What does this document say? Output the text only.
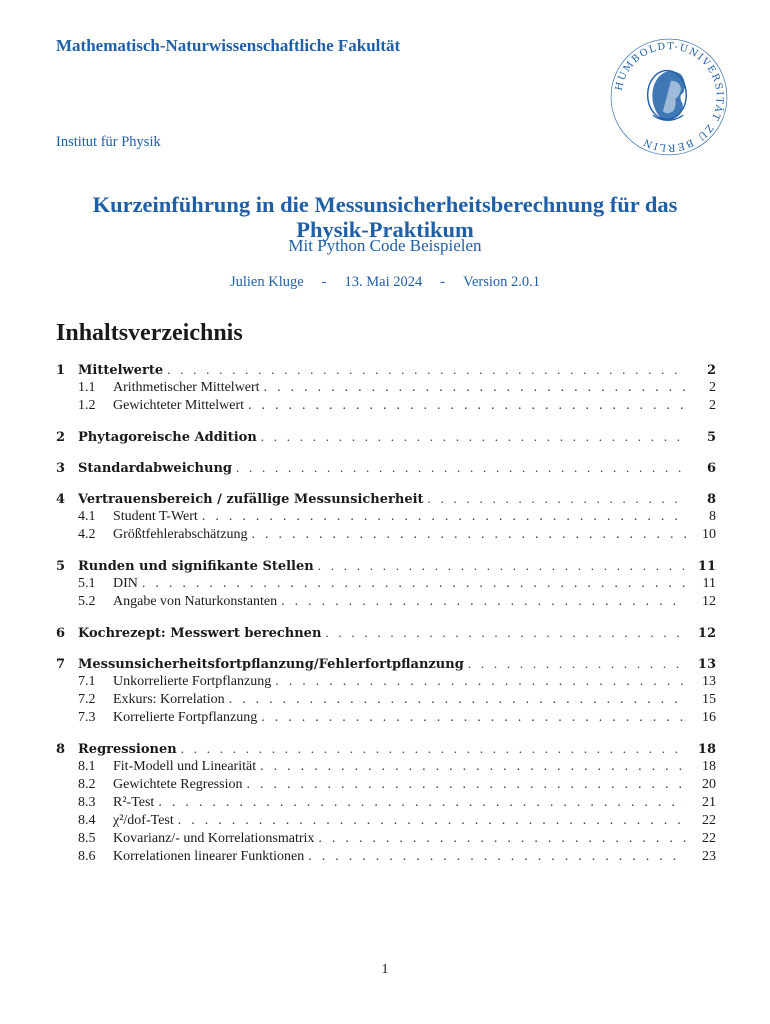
Mathematisch-Naturwissenschaftliche Fakultät
Institut für Physik
HUMBOLDT-UNIVERSITÄT ZU BERLIN
Kurzeinführung in die Messunsicherheitsberechnung für das
Physik-Praktikum
Mit Python Code Beispielen
Julien Kluge - 13. Mai 2024 - Version 2.0.1
Inhaltsverzeichnis
1 Mittelwerte . . .	2
1.1	Arithmetischer Mittelwert . . .	2
1.2	Gewichteter Mittelwert . . .	2
2 Phytagoreische Addition . . .	5
3 Standardabweichung . . .	6
4 Vertrauensbereich / zufällige Messunsicherheit . . .	8
4.1	Student T-Wert . . .	8
4.2	Größtfehlerabschätzung . . .	10
5 Runden und signifikante Stellen . . .	11
5.1	DIN . . .	11
5.2	Angabe von Naturkonstanten . . .	12
6 Kochrezept: Messwert berechnen . . .	12
7 Messunsicherheitsfortpflanzung/Fehlerfortpflanzung . . .	13
7.1	Unkorrelierte Fortpflanzung . . .	13
7.2	Exkurs: Korrelation . . .	15
7.3	Korrelierte Fortpflanzung . . .	16
8 Regressionen . . .	18
8.1	Fit-Modell und Linearität . . .	18
8.2	Gewichtete Regression . . .	20
8.3	R²-Test . . .	21
8.4	χ²/dof-Test . . .	22
8.5	Kovarianz/- und Korrelationsmatrix . . .	22
8.6	Korrelationen linearer Funktionen . . .	23
1
